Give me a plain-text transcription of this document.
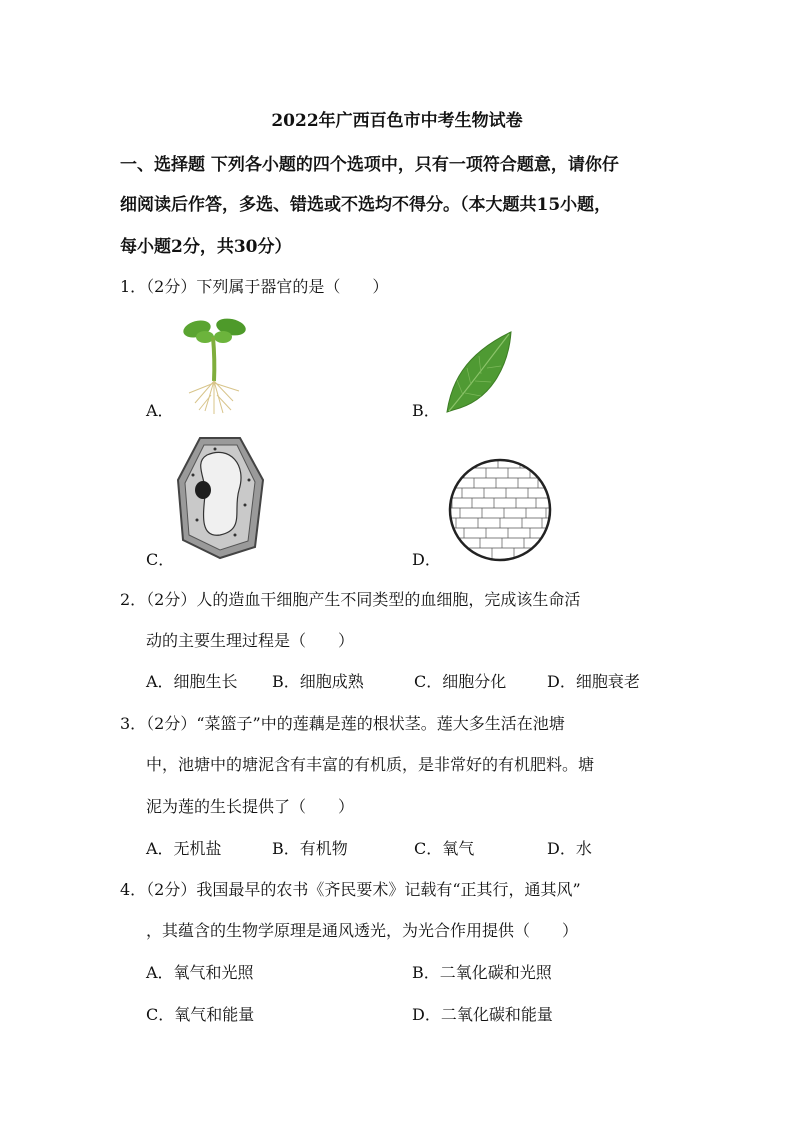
2022年广西百色市中考生物试卷
一、选择题 下列各小题的四个选项中，只有一项符合题意，请你仔
细阅读后作答，多选、错选或不选均不得分。（本大题共15小题，
每小题2分，共30分）
1．（2分）下列属于器官的是（　　）
A．	B．
C．	D．
2．（2分）人的造血干细胞产生不同类型的血细胞，完成该生命活
动的主要生理过程是（　　）
A．细胞生长 B．细胞成熟	C．细胞分化	D．细胞衰老
3．（2分）“菜篮子”中的莲藕是莲的根状茎。莲大多生活在池塘
中，池塘中的塘泥含有丰富的有机质，是非常好的有机肥料。塘
泥为莲的生长提供了（　　）
A．无机盐	B．有机物	C．氧气	D．水
4．（2分）我国最早的农书《齐民要术》记载有“正其行，通其风”
，其蕴含的生物学原理是通风透光，为光合作用提供（　　）
A．氧气和光照	B．二氧化碳和光照
C．氧气和能量	D．二氧化碳和能量
